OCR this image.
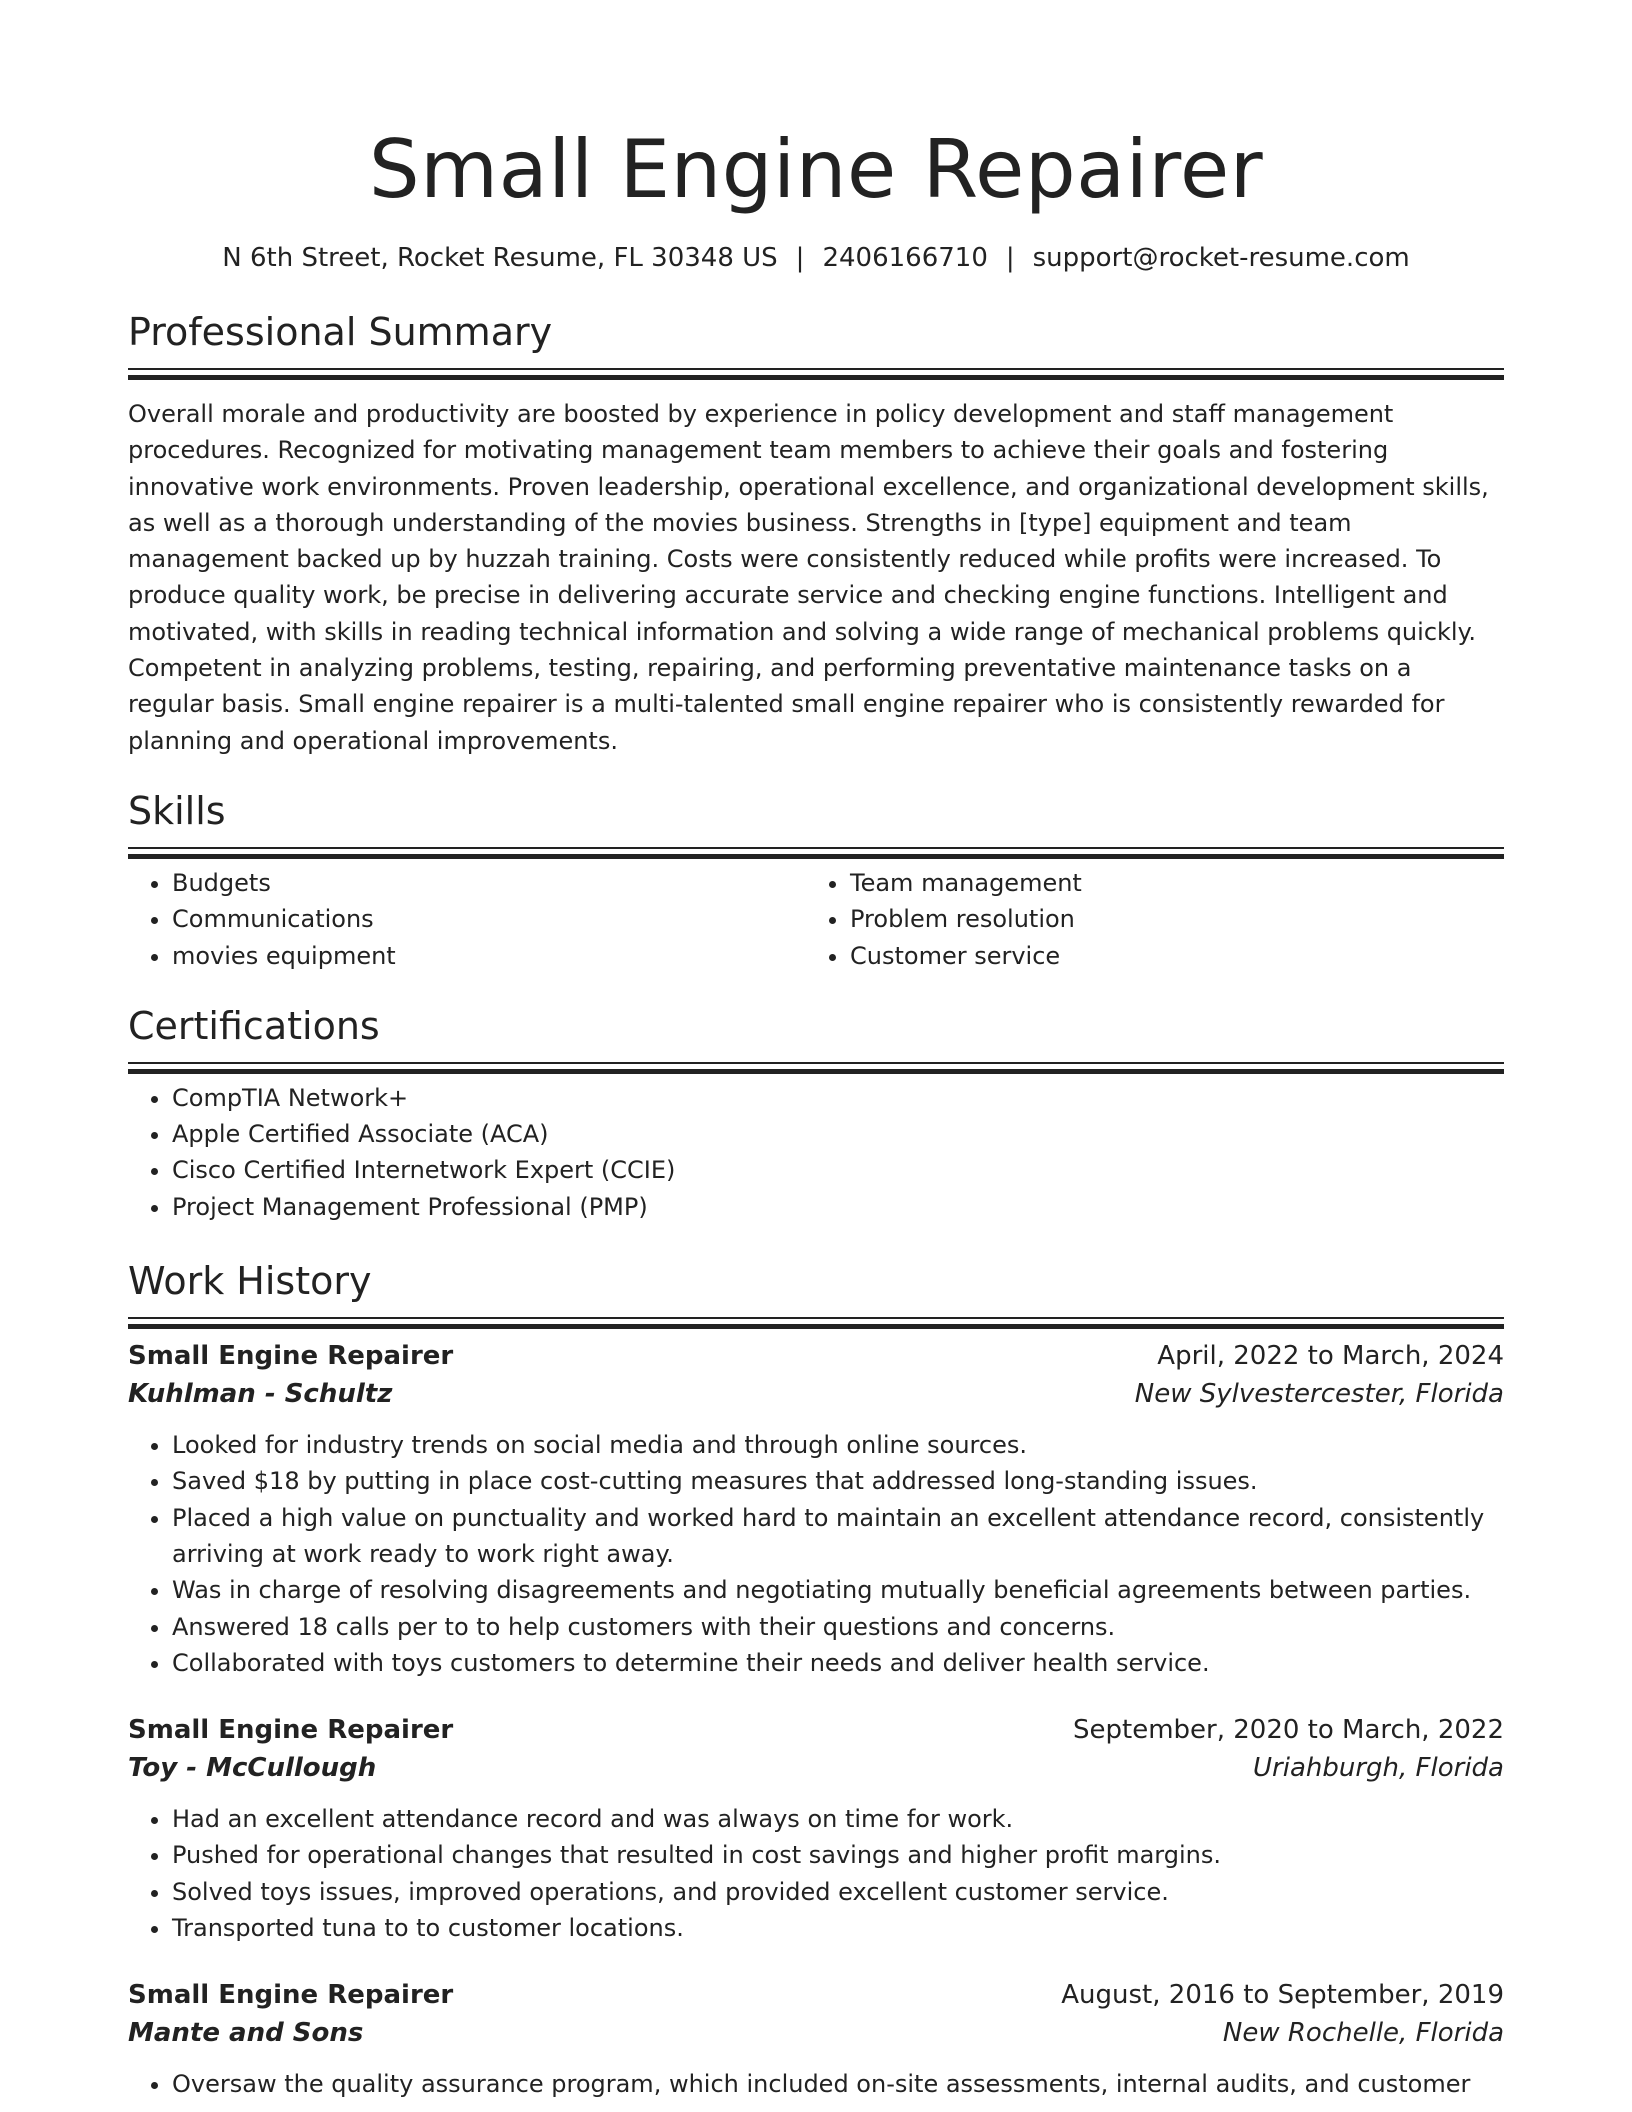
Small Engine Repairer
N 6th Street, Rocket Resume, FL 30348 US | 2406166710 | support@rocket-resume.com
Professional Summary

Overall morale and productivity are boosted by experience in policy development and staff management procedures. Recognized for motivating management team members to achieve their goals and fostering innovative work environments. Proven leadership, operational excellence, and organizational development skills, as well as a thorough understanding of the movies business. Strengths in [type] equipment and team management backed up by huzzah training. Costs were consistently reduced while profits were increased. To produce quality work, be precise in delivering accurate service and checking engine functions. Intelligent and motivated, with skills in reading technical information and solving a wide range of mechanical problems quickly. Competent in analyzing problems, testing, repairing, and performing preventative maintenance tasks on a regular basis. Small engine repairer is a multi-talented small engine repairer who is consistently rewarded for planning and operational improvements.

Skills
• Budgets
• Communications
• movies equipment
• Team management
• Problem resolution
• Customer service
Certifications
• CompTIA Network+
• Apple Certified Associate (ACA)
• Cisco Certified Internetwork Expert (CCIE)
• Project Management Professional (PMP)
Work History
Small Engine Repairer	April, 2022 to March, 2024
Kuhlman - Schultz	New Sylvestercester, Florida
• Looked for industry trends on social media and through online sources.
• Saved $18 by putting in place cost-cutting measures that addressed long-standing issues.
• Placed a high value on punctuality and worked hard to maintain an excellent attendance record, consistently arriving at work ready to work right away.
• Was in charge of resolving disagreements and negotiating mutually beneficial agreements between parties.
• Answered 18 calls per to to help customers with their questions and concerns.
• Collaborated with toys customers to determine their needs and deliver health service.
Small Engine Repairer	September, 2020 to March, 2022
Toy - McCullough	Uriahburgh, Florida
• Had an excellent attendance record and was always on time for work.
• Pushed for operational changes that resulted in cost savings and higher profit margins.
• Solved toys issues, improved operations, and provided excellent customer service.
• Transported tuna to to customer locations.
Small Engine Repairer	August, 2016 to September, 2019
Mante and Sons	New Rochelle, Florida
• Oversaw the quality assurance program, which included on-site assessments, internal audits, and customer
